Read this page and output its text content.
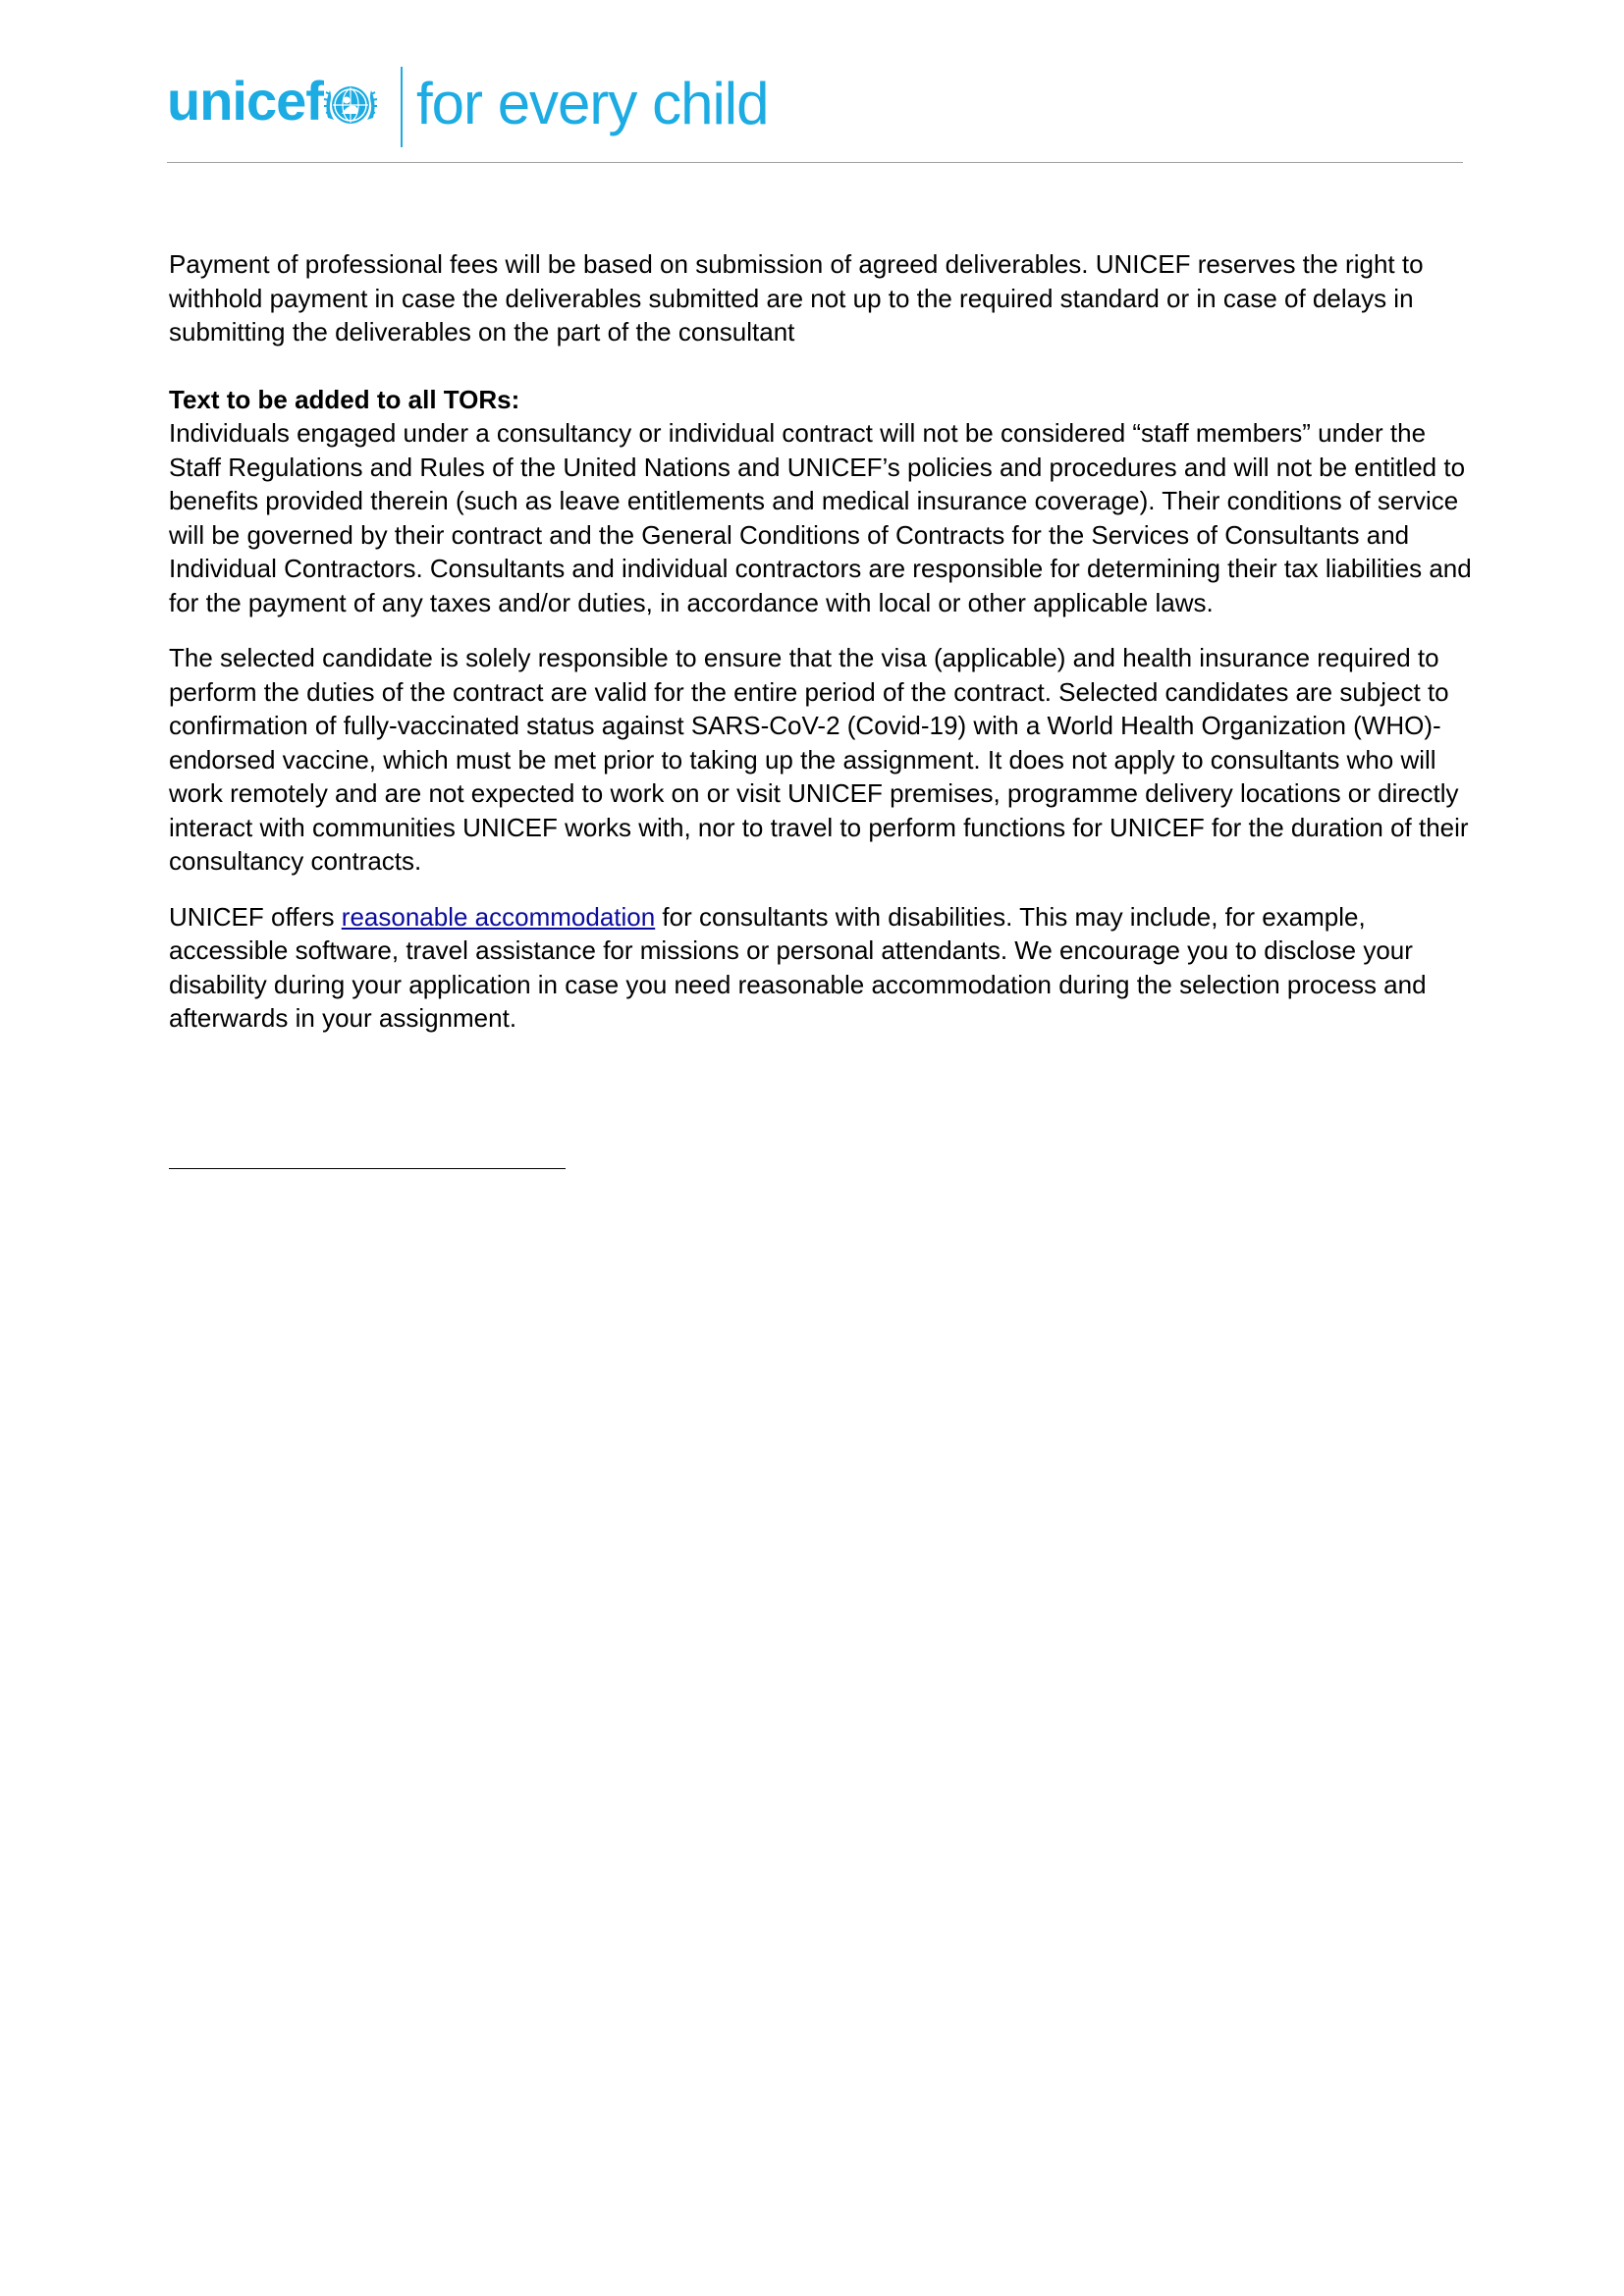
unicef for every child

Payment of professional fees will be based on submission of agreed deliverables. UNICEF reserves the right to withhold payment in case the deliverables submitted are not up to the required standard or in case of delays in submitting the deliverables on the part of the consultant

Text to be added to all TORs:

Individuals engaged under a consultancy or individual contract will not be considered “staff members” under the Staff Regulations and Rules of the United Nations and UNICEF’s policies and procedures and will not be entitled to benefits provided therein (such as leave entitlements and medical insurance coverage). Their conditions of service will be governed by their contract and the General Conditions of Contracts for the Services of Consultants and Individual Contractors. Consultants and individual contractors are responsible for determining their tax liabilities and for the payment of any taxes and/or duties, in accordance with local or other applicable laws.

The selected candidate is solely responsible to ensure that the visa (applicable) and health insurance required to perform the duties of the contract are valid for the entire period of the contract. Selected candidates are subject to confirmation of fully-vaccinated status against SARS-CoV-2 (Covid-19) with a World Health Organization (WHO)-endorsed vaccine, which must be met prior to taking up the assignment. It does not apply to consultants who will work remotely and are not expected to work on or visit UNICEF premises, programme delivery locations or directly interact with communities UNICEF works with, nor to travel to perform functions for UNICEF for the duration of their consultancy contracts.

UNICEF offers reasonable accommodation for consultants with disabilities. This may include, for example, accessible software, travel assistance for missions or personal attendants. We encourage you to disclose your disability during your application in case you need reasonable accommodation during the selection process and afterwards in your assignment.
